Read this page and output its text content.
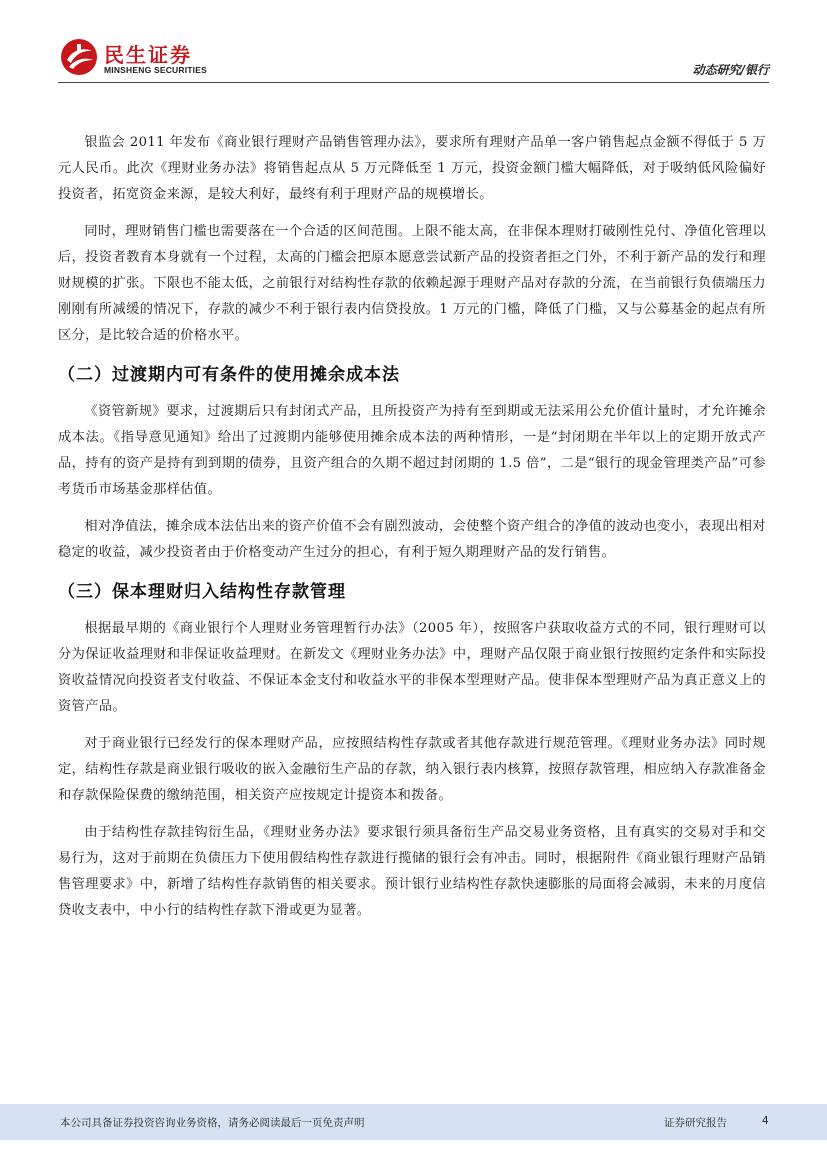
民生证券
MINSHENG SECURITIES	动态研究/银行

银监会 2011 年发布《商业银行理财产品销售管理办法》，要求所有理财产品单一客户销售起点金额不得低于 5 万元人民币。此次《理财业务办法》将销售起点从 5 万元降低至 1 万元，投资金额门槛大幅降低，对于吸纳低风险偏好投资者，拓宽资金来源，是较大利好，最终有利于理财产品的规模增长。

同时，理财销售门槛也需要落在一个合适的区间范围。上限不能太高，在非保本理财打破刚性兑付、净值化管理以后，投资者教育本身就有一个过程，太高的门槛会把原本愿意尝试新产品的投资者拒之门外，不利于新产品的发行和理财规模的扩张。下限也不能太低，之前银行对结构性存款的依赖起源于理财产品对存款的分流，在当前银行负债端压力刚刚有所减缓的情况下，存款的减少不利于银行表内信贷投放。1 万元的门槛，降低了门槛，又与公募基金的起点有所区分，是比较合适的价格水平。

（二）过渡期内可有条件的使用摊余成本法

《资管新规》要求，过渡期后只有封闭式产品，且所投资产为持有至到期或无法采用公允价值计量时，才允许摊余成本法。《指导意见通知》给出了过渡期内能够使用摊余成本法的两种情形，一是“封闭期在半年以上的定期开放式产品，持有的资产是持有到到期的债券，且资产组合的久期不超过封闭期的 1.5 倍”，二是“银行的现金管理类产品”可参考货币市场基金那样估值。

相对净值法，摊余成本法估出来的资产价值不会有剧烈波动，会使整个资产组合的净值的波动也变小，表现出相对稳定的收益，减少投资者由于价格变动产生过分的担心，有利于短久期理财产品的发行销售。

（三）保本理财归入结构性存款管理

根据最早期的《商业银行个人理财业务管理暂行办法》（2005 年），按照客户获取收益方式的不同，银行理财可以分为保证收益理财和非保证收益理财。在新发文《理财业务办法》中，理财产品仅限于商业银行按照约定条件和实际投资收益情况向投资者支付收益、不保证本金支付和收益水平的非保本型理财产品。使非保本型理财产品为真正意义上的资管产品。

对于商业银行已经发行的保本理财产品，应按照结构性存款或者其他存款进行规范管理。《理财业务办法》同时规定，结构性存款是商业银行吸收的嵌入金融衍生产品的存款，纳入银行表内核算，按照存款管理，相应纳入存款准备金和存款保险保费的缴纳范围，相关资产应按规定计提资本和拨备。

由于结构性存款挂钩衍生品，《理财业务办法》要求银行须具备衍生产品交易业务资格，且有真实的交易对手和交易行为，这对于前期在负债压力下使用假结构性存款进行揽储的银行会有冲击。同时，根据附件《商业银行理财产品销售管理要求》中，新增了结构性存款销售的相关要求。预计银行业结构性存款快速膨胀的局面将会减弱，未来的月度信贷收支表中，中小行的结构性存款下滑或更为显著。

本公司具备证券投资咨询业务资格，请务必阅读最后一页免责声明	证券研究报告	4
